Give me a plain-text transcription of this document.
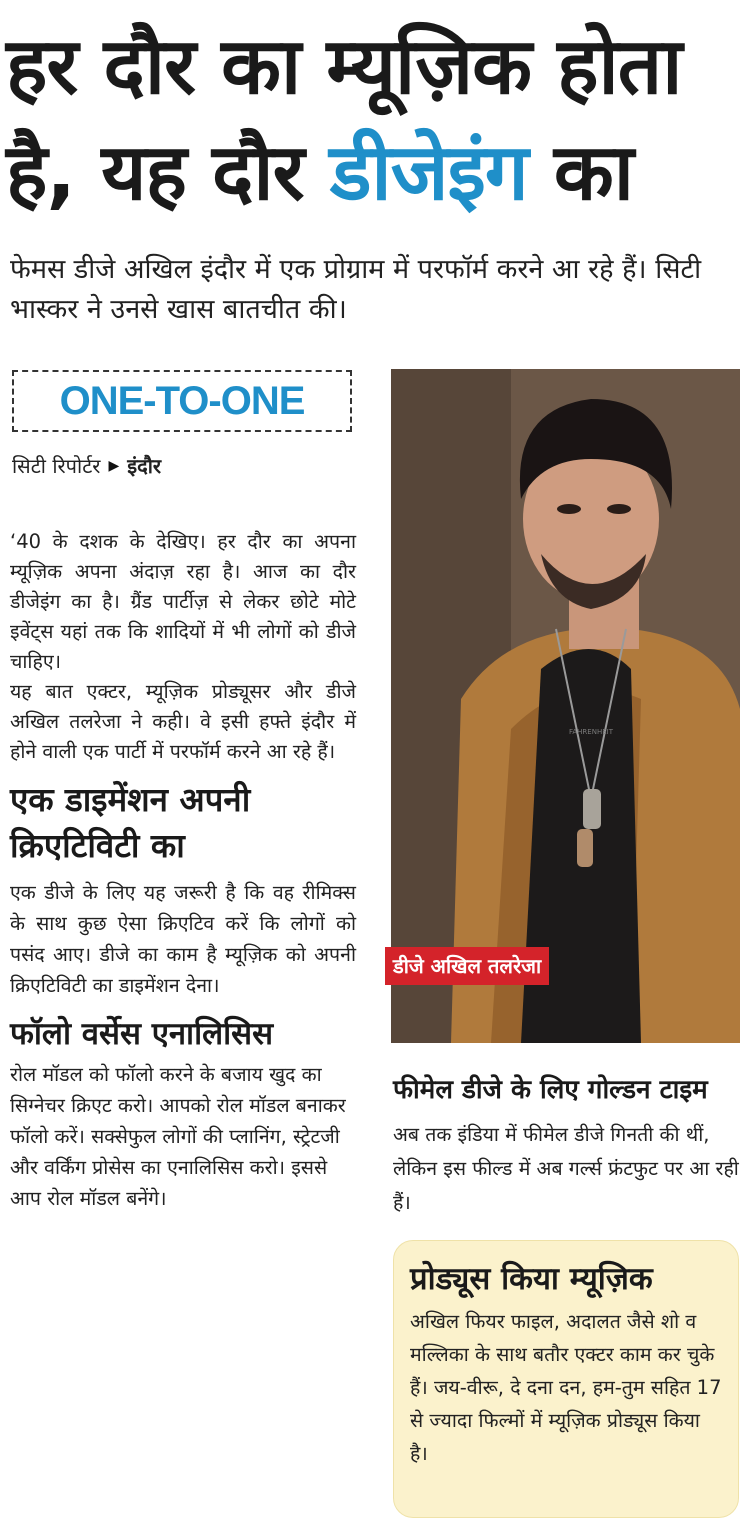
हर दौर का म्यूज़िक होता
है, यह दौर डीजेइंग का

फेमस डीजे अखिल इंदौर में एक प्रोग्राम में परफॉर्म करने आ रहे हैं। सिटी भास्कर ने उनसे खास बातचीत की।

ONE-TO-ONE
सिटी रिपोर्टर ▶ इंदौर

‘40 के दशक के देखिए। हर दौर का अपना म्यूज़िक अपना अंदाज़ रहा है। आज का दौर डीजेइंग का है। ग्रैंड पार्टीज़ से लेकर छोटे मोटे इवेंट्स यहां तक कि शादियों में भी लोगों को डीजे चाहिए।

यह बात एक्टर, म्यूज़िक प्रोड्यूसर और डीजे अखिल तलरेजा ने कही। वे इसी हफ्ते इंदौर में होने वाली एक पार्टी में परफॉर्म करने आ रहे हैं।

एक डाइमेंशन अपनी क्रिएटिविटी का

एक डीजे के लिए यह जरूरी है कि वह रीमिक्स के साथ कुछ ऐसा क्रिएटिव करें कि लोगों को पसंद आए। डीजे का काम है म्यूज़िक को अपनी क्रिएटिविटी का डाइमेंशन देना।

फॉलो वर्सेस एनालिसिस

रोल मॉडल को फॉलो करने के बजाय खुद का सिग्नेचर क्रिएट करो। आपको रोल मॉडल बनाकर फॉलो करें। सक्सेफुल लोगों की प्लानिंग, स्ट्रेटजी और वर्किंग प्रोसेस का एनालिसिस करो। इससे आप रोल मॉडल बनेंगे।

FAHRENHEIT
डीजे अखिल तलरेजा
फीमेल डीजे के लिए गोल्डन टाइम

अब तक इंडिया में फीमेल डीजे गिनती की थीं, लेकिन इस फील्ड में अब गर्ल्स फ्रंटफुट पर आ रही हैं।

प्रोड्यूस किया म्यूज़िक

अखिल फियर फाइल, अदालत जैसे शो व मल्लिका के साथ बतौर एक्टर काम कर चुके हैं। जय-वीरू, दे दना दन, हम-तुम सहित 17 से ज्यादा फिल्मों में म्यूज़िक प्रोड्यूस किया है।
